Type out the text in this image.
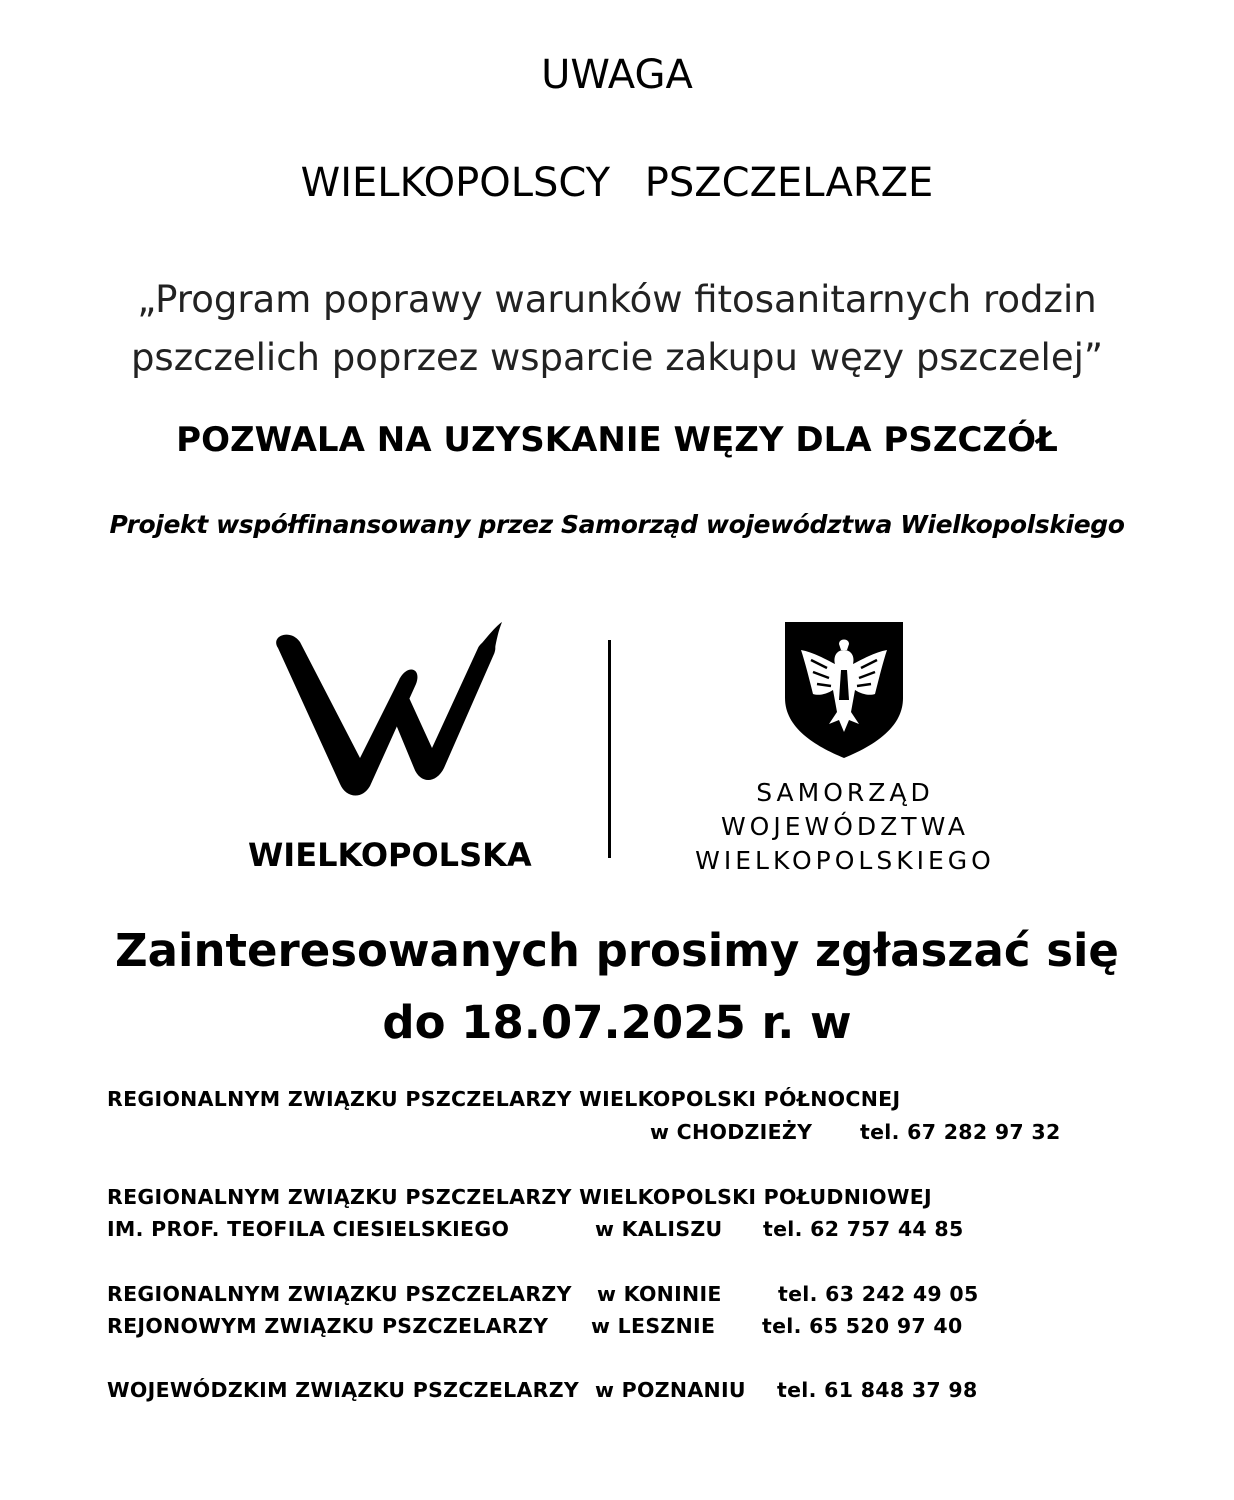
UWAGA
WIELKOPOLSCY PSZCZELARZE
„Program poprawy warunków fitosanitarnych rodzin
pszczelich poprzez wsparcie zakupu węzy pszczelej”
POZWALA NA UZYSKANIE WĘZY DLA PSZCZÓŁ
Projekt współfinansowany przez Samorząd województwa Wielkopolskiego
WIELKOPOLSKA
SAMORZĄD
WOJEWÓDZTWA
WIELKOPOLSKIEGO
Zainteresowanych prosimy zgłaszać się
do 18.07.2025 r. w
REGIONALNYM ZWIĄZKU PSZCZELARZY WIELKOPOLSKI PÓŁNOCNEJ
w CHODZIEŻY tel. 67 282 97 32
REGIONALNYM ZWIĄZKU PSZCZELARZY WIELKOPOLSKI POŁUDNIOWEJ
IM. PROF. TEOFILA CIESIELSKIEGO	w KALISZU tel. 62 757 44 85
REGIONALNYM ZWIĄZKU PSZCZELARZY w KONINIE	tel. 63 242 49 05
REJONOWYM ZWIĄZKU PSZCZELARZY w LESZNIE tel. 65 520 97 40
WOJEWÓDZKIM ZWIĄZKU PSZCZELARZY w POZNANIU tel. 61 848 37 98
